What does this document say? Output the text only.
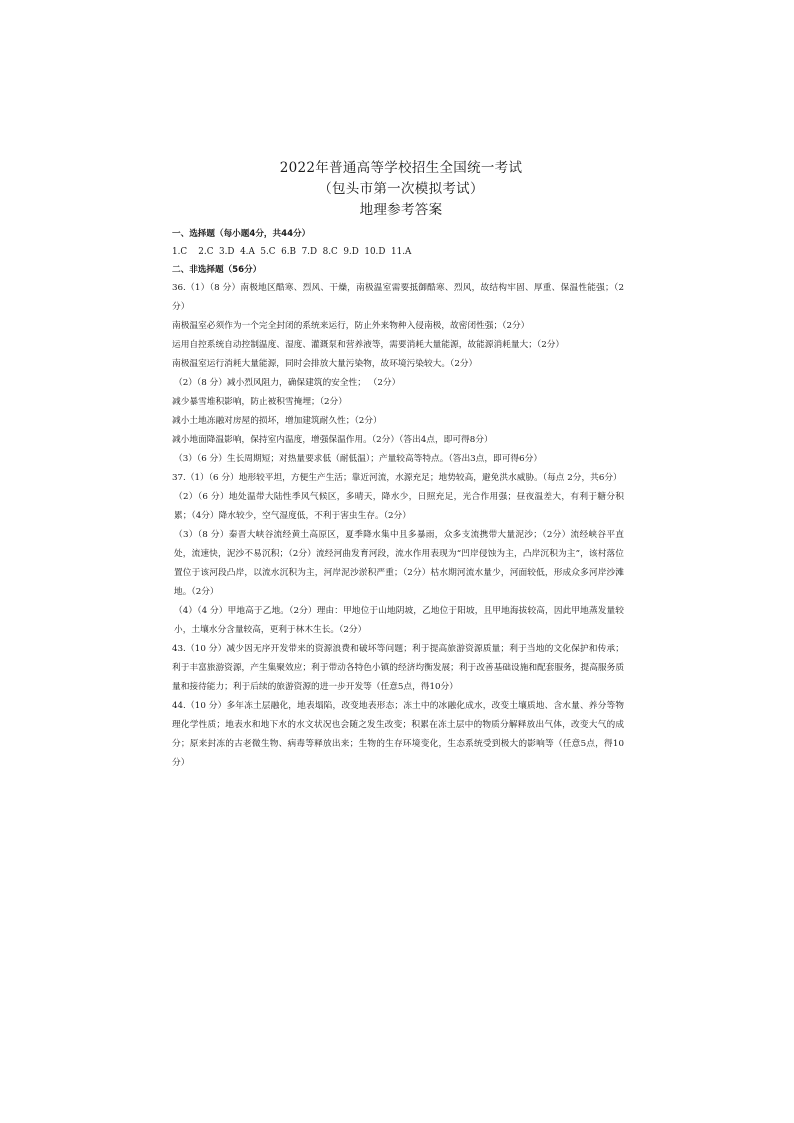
2022年普通高等学校招生全国统一考试
（包头市第一次模拟考试）
地理参考答案

一、选择题（每小题4分，共44分）

1.C    2.C  3.D  4.A  5.C  6.B  7.D  8.C  9.D  10.D  11.A

二、非选择题（56分）

36.（1）（8 分）南极地区酷寒、烈风、干燥，南极温室需要抵御酷寒、烈风，故结构牢固、厚重、保温性能强；（2分）

南极温室必须作为一个完全封闭的系统来运行，防止外来物种入侵南极，故密闭性强；（2分）

运用自控系统自动控制温度、湿度、灌溉泵和营养液等，需要消耗大量能源，故能源消耗量大；（2分）

南极温室运行消耗大量能源，同时会排放大量污染物，故环境污染较大。（2分）

（2）（8 分）减小烈风阻力，确保建筑的安全性； （2分）

减少暴雪堆积影响，防止被积雪掩埋；（2分）

减小土地冻融对房屋的损坏，增加建筑耐久性；（2分）

减小地面降温影响，保持室内温度，增强保温作用。（2分）（答出4点，即可得8分）

（3）（6 分）生长周期短；对热量要求低（耐低温）；产量较高等特点。（答出3点，即可得6分）

37.（1）（6 分）地形较平坦，方便生产生活；靠近河流，水源充足；地势较高，避免洪水威胁。（每点 2分，共6分）

（2）（6 分）地处温带大陆性季风气候区，多晴天，降水少，日照充足，光合作用强；昼夜温差大，有利于糖分积累；（4分）降水较少，空气湿度低，不利于害虫生存。（2分）

（3）（8 分）秦晋大峡谷流经黄土高原区，夏季降水集中且多暴雨，众多支流携带大量泥沙；（2分）流经峡谷平直处，流速快，泥沙不易沉积；（2分）流经河曲发育河段，流水作用表现为“凹岸侵蚀为主，凸岸沉积为主”，该村落位置位于该河段凸岸，以流水沉积为主，河岸泥沙淤积严重；（2分）枯水期河流水量少，河面较低，形成众多河岸沙滩地。（2分）

（4）（4 分）甲地高于乙地。（2分）理由：甲地位于山地阴坡，乙地位于阳坡，且甲地海拔较高，因此甲地蒸发量较小，土壤水分含量较高，更利于林木生长。（2分）

43.（10 分）减少因无序开发带来的资源浪费和破坏等问题；利于提高旅游资源质量；利于当地的文化保护和传承；利于丰富旅游资源，产生集聚效应；利于带动各特色小镇的经济均衡发展；利于改善基础设施和配套服务，提高服务质量和接待能力；利于后续的旅游资源的进一步开发等（任意5点，得10分）

44.（10 分）多年冻土层融化，地表塌陷，改变地表形态；冻土中的冰融化成水，改变土壤质地、含水量、养分等物理化学性质；地表水和地下水的水文状况也会随之发生改变；积累在冻土层中的物质分解释放出气体，改变大气的成分；原来封冻的古老微生物、病毒等释放出来；生物的生存环境变化，生态系统受到极大的影响等（任意5点，得10分）
